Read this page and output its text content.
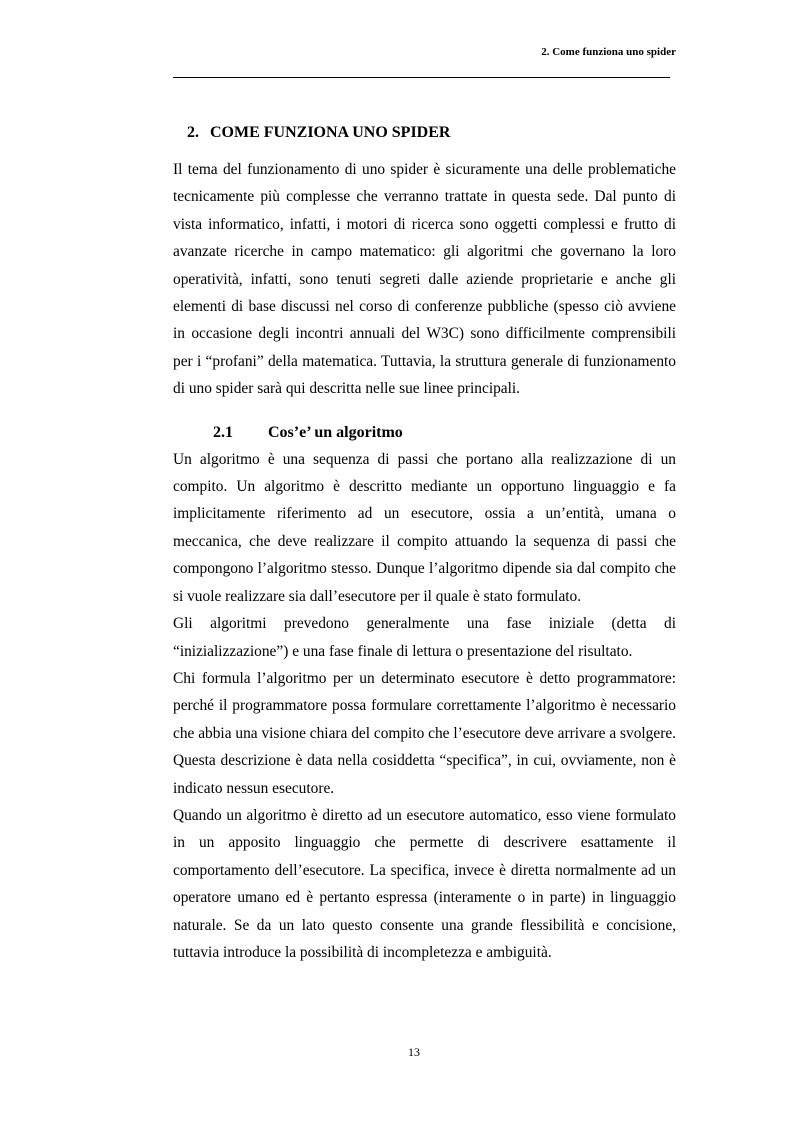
2. Come funziona uno spider
2. COME FUNZIONA UNO SPIDER

Il tema del funzionamento di uno spider è sicuramente una delle problematiche tecnicamente più complesse che verranno trattate in questa sede. Dal punto di vista informatico, infatti, i motori di ricerca sono oggetti complessi e frutto di avanzate ricerche in campo matematico: gli algoritmi che governano la loro operatività, infatti, sono tenuti segreti dalle aziende proprietarie e anche gli elementi di base discussi nel corso di conferenze pubbliche (spesso ciò avviene in occasione degli incontri annuali del W3C) sono difficilmente comprensibili per i “profani” della matematica. Tuttavia, la struttura generale di funzionamento di uno spider sarà qui descritta nelle sue linee principali.

2.1 Cos’e’ un algoritmo

Un algoritmo è una sequenza di passi che portano alla realizzazione di un compito. Un algoritmo è descritto mediante un opportuno linguaggio e fa implicitamente riferimento ad un esecutore, ossia a un’entità, umana o meccanica, che deve realizzare il compito attuando la sequenza di passi che compongono l’algoritmo stesso. Dunque l’algoritmo dipende sia dal compito che si vuole realizzare sia dall’esecutore per il quale è stato formulato.

Gli algoritmi prevedono generalmente una fase iniziale (detta di “inizializzazione”) e una fase finale di lettura o presentazione del risultato.

Chi formula l’algoritmo per un determinato esecutore è detto programmatore: perché il programmatore possa formulare correttamente l’algoritmo è necessario che abbia una visione chiara del compito che l’esecutore deve arrivare a svolgere. Questa descrizione è data nella cosiddetta “specifica”, in cui, ovviamente, non è indicato nessun esecutore.

Quando un algoritmo è diretto ad un esecutore automatico, esso viene formulato in un apposito linguaggio che permette di descrivere esattamente il comportamento dell’esecutore. La specifica, invece è diretta normalmente ad un operatore umano ed è pertanto espressa (interamente o in parte) in linguaggio naturale. Se da un lato questo consente una grande flessibilità e concisione, tuttavia introduce la possibilità di incompletezza e ambiguità.

13
